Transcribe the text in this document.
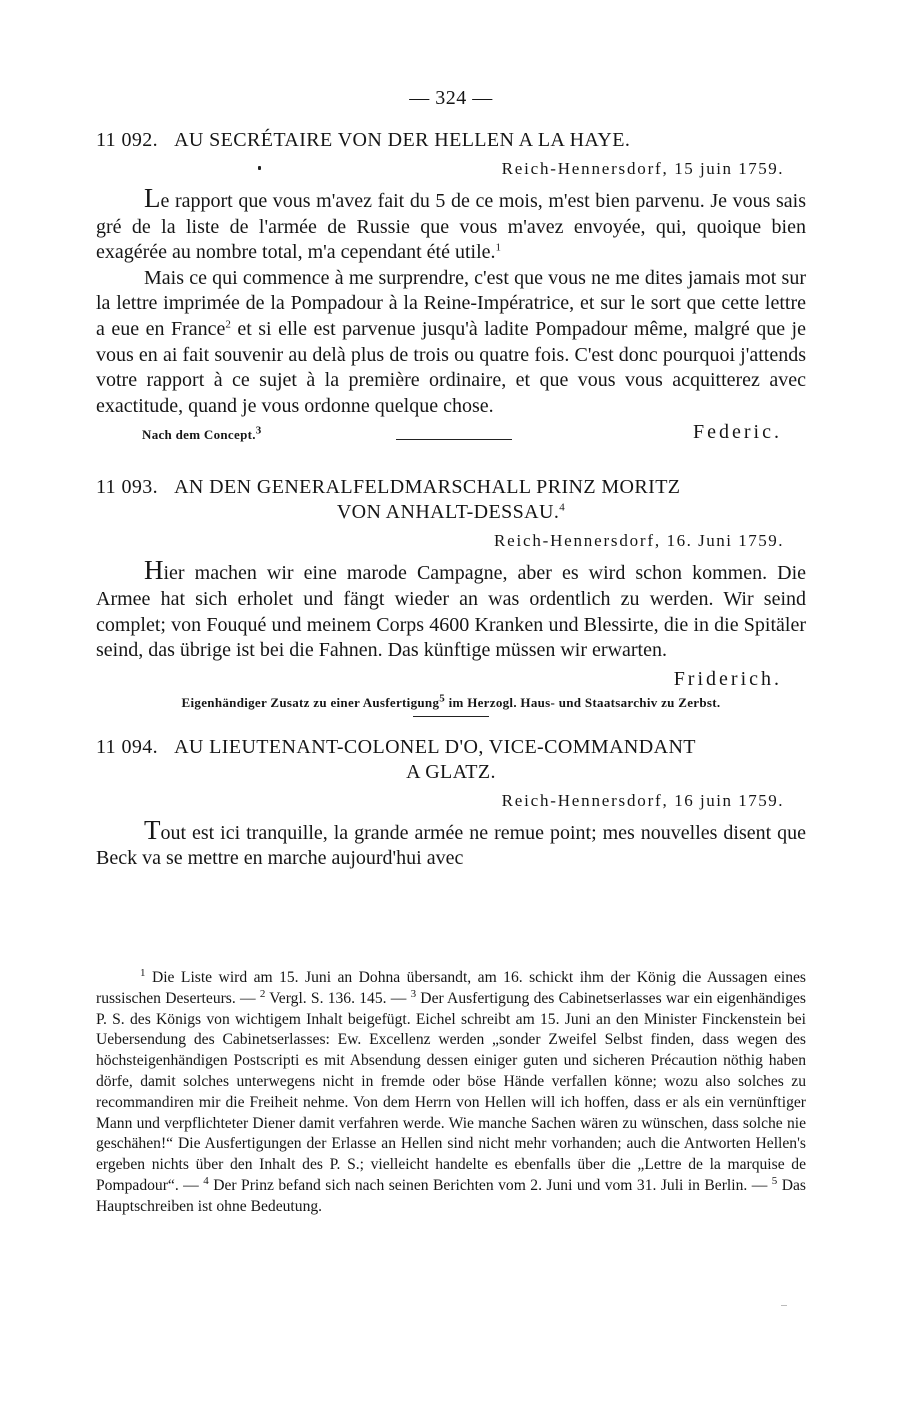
— 324 —
11 092. AU SECRÉTAIRE VON DER HELLEN A LA HAYE.
Reich-Hennersdorf, 15 juin 1759.

Le rapport que vous m'avez fait du 5 de ce mois, m'est bien parvenu. Je vous sais gré de la liste de l'armée de Russie que vous m'avez envoyée, qui, quoique bien exagérée au nombre total, m'a cependant été utile.$^1$

Mais ce qui commence à me surprendre, c'est que vous ne me dites jamais mot sur la lettre imprimée de la Pompadour à la Reine-Impératrice, et sur le sort que cette lettre a eue en France$^2$ et si elle est parvenue jusqu'à ladite Pompadour même, malgré que je vous en ai fait souvenir au delà plus de trois ou quatre fois. C'est donc pourquoi j'attends votre rapport à ce sujet à la première ordinaire, et que vous vous acquitterez avec exactitude, quand je vous ordonne quelque chose.

Nach dem Concept.$^3$	Federic.
11 093. AN DEN GENERALFELDMARSCHALL PRINZ MORITZ
VON ANHALT-DESSAU.$^4$
Reich-Hennersdorf, 16. Juni 1759.

Hier machen wir eine marode Campagne, aber es wird schon kommen. Die Armee hat sich erholet und fängt wieder an was ordentlich zu werden. Wir seind complet; von Fouqué und meinem Corps 4600 Kranken und Blessirte, die in die Spitäler seind, das übrige ist bei die Fahnen. Das künftige müssen wir erwarten.

Friderich.
Eigenhändiger Zusatz zu einer Ausfertigung$^5$ im Herzogl. Haus- und Staatsarchiv zu Zerbst.
11 094. AU LIEUTENANT-COLONEL D'O, VICE-COMMANDANT
A GLATZ.
Reich-Hennersdorf, 16 juin 1759.

Tout est ici tranquille, la grande armée ne remue point; mes nouvelles disent que Beck va se mettre en marche aujourd'hui avec

$^1$ Die Liste wird am 15. Juni an Dohna übersandt, am 16. schickt ihm der König die Aussagen eines russischen Deserteurs. — $^2$ Vergl. S. 136. 145. — $^3$ Der Ausfertigung des Cabinetserlasses war ein eigenhändiges P. S. des Königs von wichtigem Inhalt beigefügt. Eichel schreibt am 15. Juni an den Minister Finckenstein bei Uebersendung des Cabinetserlasses: Ew. Excellenz werden „sonder Zweifel Selbst finden, dass wegen des höchsteigenhändigen Postscripti es mit Absendung dessen einiger guten und sicheren Précaution nöthig haben dörfe, damit solches unterwegens nicht in fremde oder böse Hände verfallen könne; wozu also solches zu recommandiren mir die Freiheit nehme. Von dem Herrn von Hellen will ich hoffen, dass er als ein vernünftiger Mann und verpflichteter Diener damit verfahren werde. Wie manche Sachen wären zu wünschen, dass solche nie geschähen!“ Die Ausfertigungen der Erlasse an Hellen sind nicht mehr vorhanden; auch die Antworten Hellen's ergeben nichts über den Inhalt des P. S.; vielleicht handelte es ebenfalls über die „Lettre de la marquise de Pompadour“. — $^4$ Der Prinz befand sich nach seinen Berichten vom 2. Juni und vom 31. Juli in Berlin. — $^5$ Das Hauptschreiben ist ohne Bedeutung.
